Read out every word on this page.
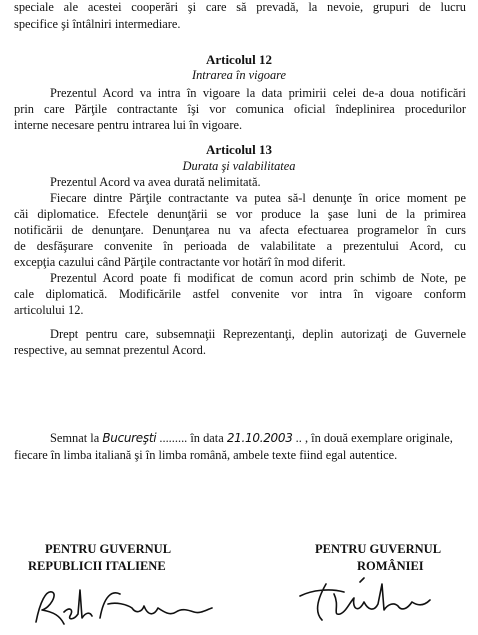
speciale ale acestei cooperări şi care să prevadă, la nevoie, grupuri de lucru
specifice şi întâlniri intermediare.
Articolul 12
Intrarea în vigoare
Prezentul Acord va intra în vigoare la data primirii celei de-a doua notificări
prin care Părţile contractante îşi vor comunica oficial îndeplinirea procedurilor
interne necesare pentru intrarea lui în vigoare.
Articolul 13
Durata şi valabilitatea
Prezentul Acord va avea durată nelimitată.
Fiecare dintre Părţile contractante va putea să-l denunţe în orice moment pe
căi diplomatice. Efectele denunţării se vor produce la şase luni de la primirea
notificării de denunţare. Denunţarea nu va afecta efectuarea programelor în curs
de desfăşurare convenite în perioada de valabilitate a prezentului Acord, cu
excepţia cazului când Părţile contractante vor hotărî în mod diferit.
Prezentul Acord poate fi modificat de comun acord prin schimb de Note, pe
cale diplomatică. Modificările astfel convenite vor intra în vigoare conform
articolului 12.
Drept pentru care, subsemnaţii Reprezentanţi, deplin autorizaţi de Guvernele
respective, au semnat prezentul Acord.
Semnat la Bucureşti ......... în data 21.10.2003 .. , în două exemplare originale,
fiecare în limba italiană şi în limba română, ambele texte fiind egal autentice.
PENTRU GUVERNUL
REPUBLICII ITALIENE
PENTRU GUVERNUL
ROMÂNIEI
